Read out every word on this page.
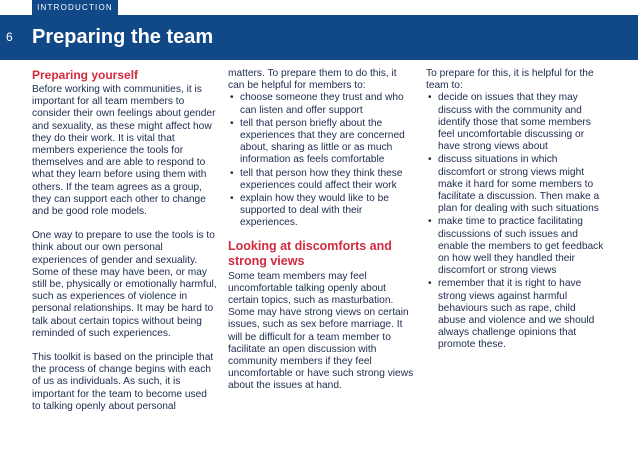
INTRODUCTION
6 Preparing the team
Preparing yourself

Before working with communities, it is important for all team members to consider their own feelings about gender and sexuality, as these might affect how they do their work. It is vital that members experience the tools for themselves and are able to respond to what they learn before using them with others. If the team agrees as a group, they can support each other to change and be good role models.

One way to prepare to use the tools is to think about our own personal experiences of gender and sexuality. Some of these may have been, or may still be, physically or emotionally harmful, such as experiences of violence in personal relationships. It may be hard to talk about certain topics without being reminded of such experiences.

This toolkit is based on the principle that the process of change begins with each of us as individuals. As such, it is important for the team to become used to talking openly about personal

matters. To prepare them to do this, it can be helpful for members to:

• choose someone they trust and who can listen and offer support
• tell that person briefly about the experiences that they are concerned about, sharing as little or as much information as feels comfortable
• tell that person how they think these experiences could affect their work
• explain how they would like to be supported to deal with their experiences.
Looking at discomforts and strong views

Some team members may feel uncomfortable talking openly about certain topics, such as masturbation. Some may have strong views on certain issues, such as sex before marriage. It will be difficult for a team member to facilitate an open discussion with community members if they feel uncomfortable or have such strong views about the issues at hand.

To prepare for this, it is helpful for the team to:

• decide on issues that they may discuss with the community and identify those that some members feel uncomfortable discussing or have strong views about
• discuss situations in which discomfort or strong views might make it hard for some members to facilitate a discussion. Then make a plan for dealing with such situations
• make time to practice facilitating discussions of such issues and enable the members to get feedback on how well they handled their discomfort or strong views
• remember that it is right to have strong views against harmful behaviours such as rape, child abuse and violence and we should always challenge opinions that promote these.
